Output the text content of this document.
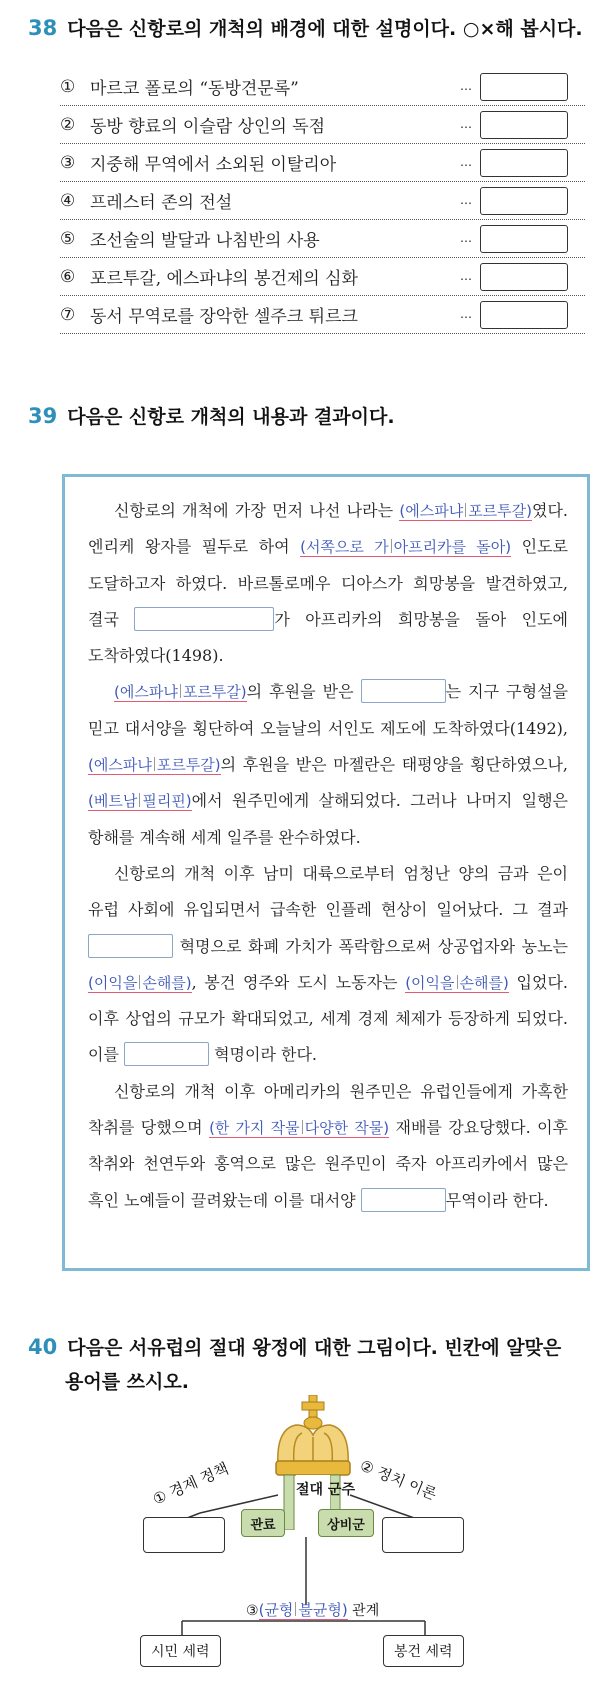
38 다음은 신항로의 개척의 배경에 대한 설명이다. ○×해 봅시다.
① 마르코 폴로의 “동방견문록”	⋯
② 동방 향료의 이슬람 상인의 독점	⋯
③ 지중해 무역에서 소외된 이탈리아	⋯
④ 프레스터 존의 전설	⋯
⑤ 조선술의 발달과 나침반의 사용	⋯
⑥ 포르투갈, 에스파냐의 봉건제의 심화	⋯
⑦ 동서 무역로를 장악한 셀주크 튀르크	⋯
39 다음은 신항로 개척의 내용과 결과이다.

신항로의 개척에 가장 먼저 나선 나라는 (에스파냐 포르투갈)였다. 엔리케 왕자를 필두로 하여 (서쪽으로 가 아프리카를 돌아) 인도로 도달하고자 하였다. 바르톨로메우 디아스가 희망봉을 발견하였고, 결국	가 아프리카의 희망봉을 돌아 인도에 도착하였다(1498).

(에스파냐 포르투갈)의 후원을 받은	는 지구 구형설을 믿고 대서양을 횡단하여 오늘날의 서인도 제도에 도착하였다(1492), (에스파냐 포르투갈)의 후원을 받은 마젤란은 태평양을 횡단하였으나, (베트남 필리핀)에서 원주민에게 살해되었다. 그러나 나머지 일행은 항해를 계속해 세계 일주를 완수하였다.

신항로의 개척 이후 남미 대륙으로부터 엄청난 양의 금과 은이 유럽 사회에 유입되면서 급속한 인플레 현상이 일어났다. 그 결과  혁명으로 화폐 가치가 폭락함으로써 상공업자와 농노는 (이익을 손해를), 봉건 영주와 도시 노동자는 (이익을 손해를) 입었다. 이후 상업의 규모가 확대되었고, 세계 경제 체제가 등장하게 되었다. 이를	혁명이라 한다.

신항로의 개척 이후 아메리카의 원주민은 유럽인들에게 가혹한 착취를 당했으며 (한 가지 작물 다양한 작물) 재배를 강요당했다. 이후 착취와 천연두와 홍역으로 많은 원주민이 죽자 아프리카에서 많은 흑인 노예들이 끌려왔는데 이를 대서양	무역이라 한다.

40 다음은 서유럽의 절대 왕정에 대한 그림이다. 빈칸에 알맞은
용어를 쓰시오.
절대 군주
① 경제 정책	② 정치 이론
관료	상비군
③(균형 불균형) 관계
시민 세력	봉건 세력
